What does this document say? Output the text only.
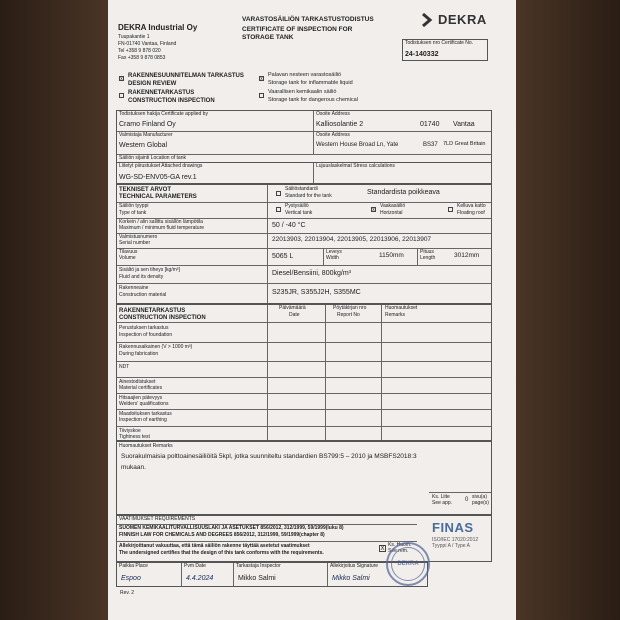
DEKRA Industrial Oy
Tuupakantie 1
FN-01740 Vantaa, Finland
Tel +358 9 878 020
Fax +358 9 878 0853
VARASTOSÄILIÖN TARKASTUSTODISTUS
CERTIFICATE OF INSPECTION FOR
STORAGE TANK
DEKRA
Todistuksen nro Certificate No.
24-140332
x RAKENNESUUNNITELMAN TARKASTUS
DESIGN REVIEW
RAKENNETARKASTUS
CONSTRUCTION INSPECTION
x
Palavan nesteen varastosäiliö
Storage tank for inflammable liquid
Vaarallisen kemikaalin säiliö
Storage tank for dangerous chemical
Todistuksen hakija Certificate applied by
Cramo Finland Oy
Osoite Address
Kalliosolantie 2	01740 Vantaa
Valmistaja Manufacturer
Western Global
Osoite Address
Western House Broad Ln, Yate	BS37 7LD Great Britain
Säiliön sijainti Location of tank
Liitetyt piirustukset Attached drawings
WG-SD-ENV05-GA rev.1
Lujuuslaskelmat Stress calculations
TEKNISET ARVOT
TECHNICAL PARAMETERS
Säiliöstandardi
Standard for the tank	Standardista poikkeava
Säiliön tyyppi
Type of tank
Pystysäiliö
Vertical tank	x
Vaakasäiliö
Horizontal
Kelluva katto
Floating roof
Korkein / alin sallittu sisällön lämpötila
Maximum / minimum fluid temperature	50 / -40 °C
Valmistusnumero
Serial number	22013903, 22013904, 22013905, 22013906, 22013907
Tilavuus
Volume	5065 L
Leveys
Width	1150mm	Pituus
Length	3012mm
Sisältö ja sen tiheys [kg/m³]
Fluid and its density	Diesel/Bensiini, 800kg/m³
Rakenneaine
Construction material	S235JR, S355J2H, S355MC
RAKENNETARKASTUS
CONSTRUCTION INSPECTION
Päivämäärä
Date
Pöytäkirjan nro
Report No
Huomautukset
Remarks
Perustuksen tarkastus
Inspection of foundation
Rakennusaikainen (V > 1000 m³)
During fabrication
NDT
Ainestodistukset
Material certificates
Hitsaajien pätevyys
Welders' qualifications
Maadoituksen tarkastus
Inspection of earthing
Tiiviyskoe
Tightness test
Huomautukset Remarks
Suorakulmaisia polttoainesäiliöitä 5kpl, jotka suunniteltu standardien BS799:5 – 2010 ja MSBFS2018:3
mukaan.
Ks. Liite
See app. 0 sivu(a)
page(s)
VAATIMUKSET REQUIREMENTS
SUOMEN KEMIKAALITURVALLISUUSLAKI JA ASETUKSET 856/2012, 312/1999, 59/1999(luku 8)
FINNISH LAW FOR CHEMICALS AND DEGREES 856/2012, 312/1999, 59/1999(chapter 8)
Allekirjoittanut vakuuttaa, että tämä säiliön rakenne täyttää asetetut vaatimukset
The undersigned certifies that the design of this tank conforms with the requirements.
X
Ks. Huom.
See rem.
FINAS
ISO/IEC 17020:2012
Tyyppi A / Type A
Paikka Place
Espoo
Pvm Date
4.4.2024
Tarkastaja Inspector
Mikko Salmi
Allekirjoitus Signature
Mikko Salmi
DEKRA
Rev. 2
